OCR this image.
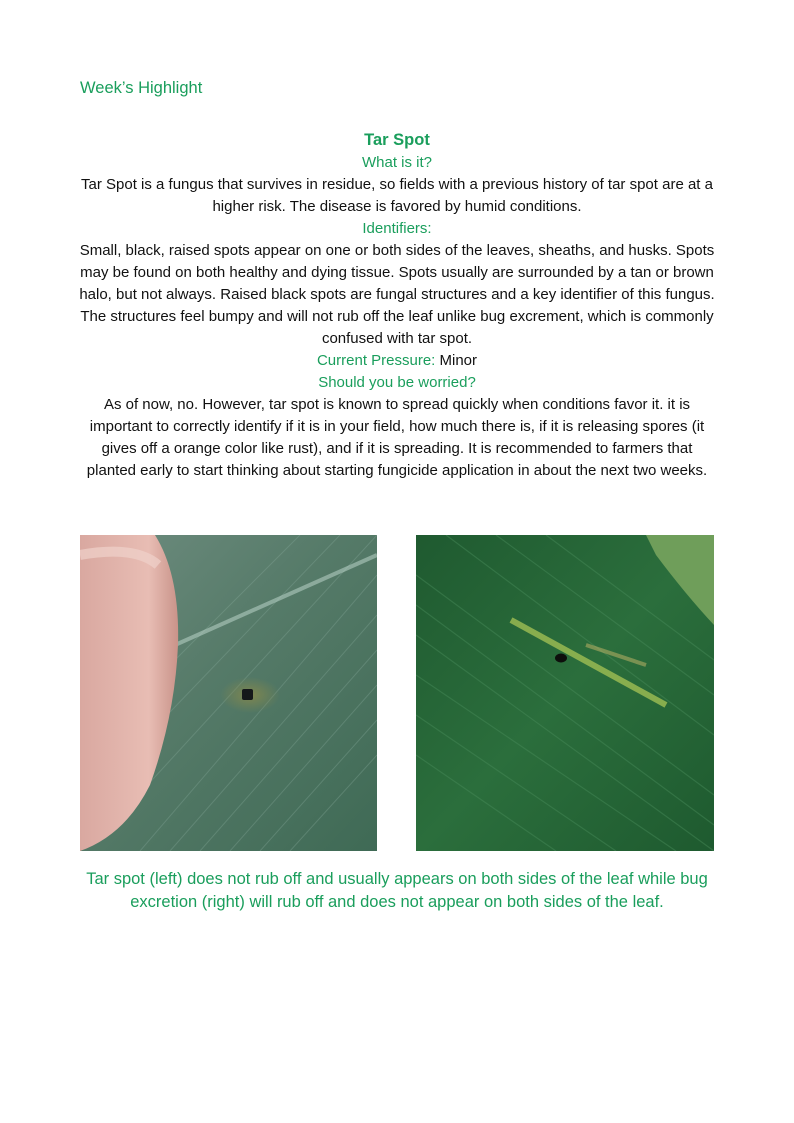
Week’s Highlight
Tar Spot
What is it?

Tar Spot is a fungus that survives in residue, so fields with a previous history of tar spot are at a higher risk. The disease is favored by humid conditions.

Identifiers:

Small, black, raised spots appear on one or both sides of the leaves, sheaths, and husks. Spots may be found on both healthy and dying tissue. Spots usually are surrounded by a tan or brown halo, but not always. Raised black spots are fungal structures and a key identifier of this fungus. The structures feel bumpy and will not rub off the leaf unlike bug excrement, which is commonly confused with tar spot.

Current Pressure: Minor

Should you be worried?

As of now, no. However, tar spot is known to spread quickly when conditions favor it. it is important to correctly identify if it is in your field, how much there is, if it is releasing spores (it gives off a orange color like rust), and if it is spreading. It is recommended to farmers that planted early to start thinking about starting fungicide application in about the next two weeks.

Tar spot (left) does not rub off and usually appears on both sides of the leaf while bug excretion (right) will rub off and does not appear on both sides of the leaf.
